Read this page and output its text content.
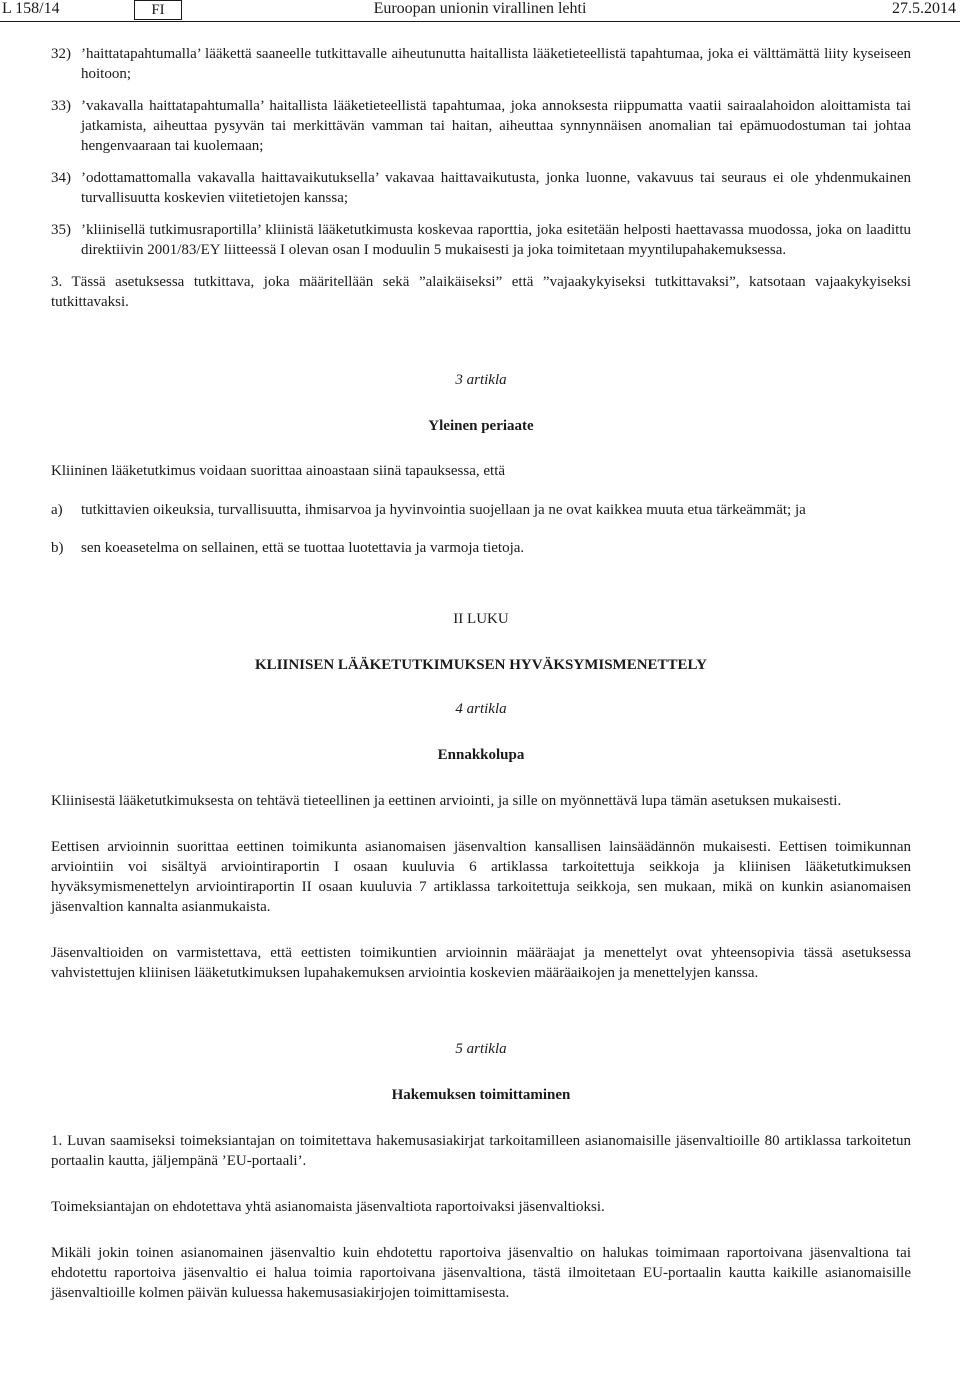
L 158/14	FI	Euroopan unionin virallinen lehti	27.5.2014
32) ’haittatapahtumalla’ lääkettä saaneelle tutkittavalle aiheutunutta haitallista lääketieteellistä tapahtumaa, joka ei välttämättä liity kyseiseen hoitoon;
33) ’vakavalla haittatapahtumalla’ haitallista lääketieteellistä tapahtumaa, joka annoksesta riippumatta vaatii sairaalahoidon aloittamista tai jatkamista, aiheuttaa pysyvän tai merkittävän vamman tai haitan, aiheuttaa synnynnäisen anomalian tai epämuodostuman tai johtaa hengenvaaraan tai kuolemaan;
34) ’odottamattomalla vakavalla haittavaikutuksella’ vakavaa haittavaikutusta, jonka luonne, vakavuus tai seuraus ei ole yhdenmukainen turvallisuutta koskevien viitetietojen kanssa;
35) ’kliinisellä tutkimusraportilla’ kliinistä lääketutkimusta koskevaa raporttia, joka esitetään helposti haettavassa muodossa, joka on laadittu direktiivin 2001/83/EY liitteessä I olevan osan I moduulin 5 mukaisesti ja joka toimitetaan myyntilupahakemuksessa.

3. Tässä asetuksessa tutkittava, joka määritellään sekä ”alaikäiseksi” että ”vajaakykyiseksi tutkittavaksi”, katsotaan vajaakykyiseksi tutkittavaksi.

3 artikla

Yleinen periaate

Kliininen lääketutkimus voidaan suorittaa ainoastaan siinä tapauksessa, että

a) tutkittavien oikeuksia, turvallisuutta, ihmisarvoa ja hyvinvointia suojellaan ja ne ovat kaikkea muuta etua tärkeämmät; ja
b) sen koeasetelma on sellainen, että se tuottaa luotettavia ja varmoja tietoja.

II LUKU

KLIINISEN LÄÄKETUTKIMUKSEN HYVÄKSYMISMENETTELY

4 artikla

Ennakkolupa

Kliinisestä lääketutkimuksesta on tehtävä tieteellinen ja eettinen arviointi, ja sille on myönnettävä lupa tämän asetuksen mukaisesti.

Eettisen arvioinnin suorittaa eettinen toimikunta asianomaisen jäsenvaltion kansallisen lainsäädännön mukaisesti. Eettisen toimikunnan arviointiin voi sisältyä arviointiraportin I osaan kuuluvia 6 artiklassa tarkoitettuja seikkoja ja kliinisen lääketutkimuksen hyväksymismenettelyn arviointiraportin II osaan kuuluvia 7 artiklassa tarkoitettuja seikkoja, sen mukaan, mikä on kunkin asianomaisen jäsenvaltion kannalta asianmukaista.

Jäsenvaltioiden on varmistettava, että eettisten toimikuntien arvioinnin määräajat ja menettelyt ovat yhteensopivia tässä asetuksessa vahvistettujen kliinisen lääketutkimuksen lupahakemuksen arviointia koskevien määräaikojen ja menettelyjen kanssa.

5 artikla

Hakemuksen toimittaminen

1. Luvan saamiseksi toimeksiantajan on toimitettava hakemusasiakirjat tarkoitamilleen asianomaisille jäsenvaltioille 80 artiklassa tarkoitetun portaalin kautta, jäljempänä ’EU-portaali’.

Toimeksiantajan on ehdotettava yhtä asianomaista jäsenvaltiota raportoivaksi jäsenvaltioksi.

Mikäli jokin toinen asianomainen jäsenvaltio kuin ehdotettu raportoiva jäsenvaltio on halukas toimimaan raportoivana jäsenvaltiona tai ehdotettu raportoiva jäsenvaltio ei halua toimia raportoivana jäsenvaltiona, tästä ilmoitetaan EU-portaalin kautta kaikille asianomaisille jäsenvaltioille kolmen päivän kuluessa hakemusasiakirjojen toimittamisesta.
